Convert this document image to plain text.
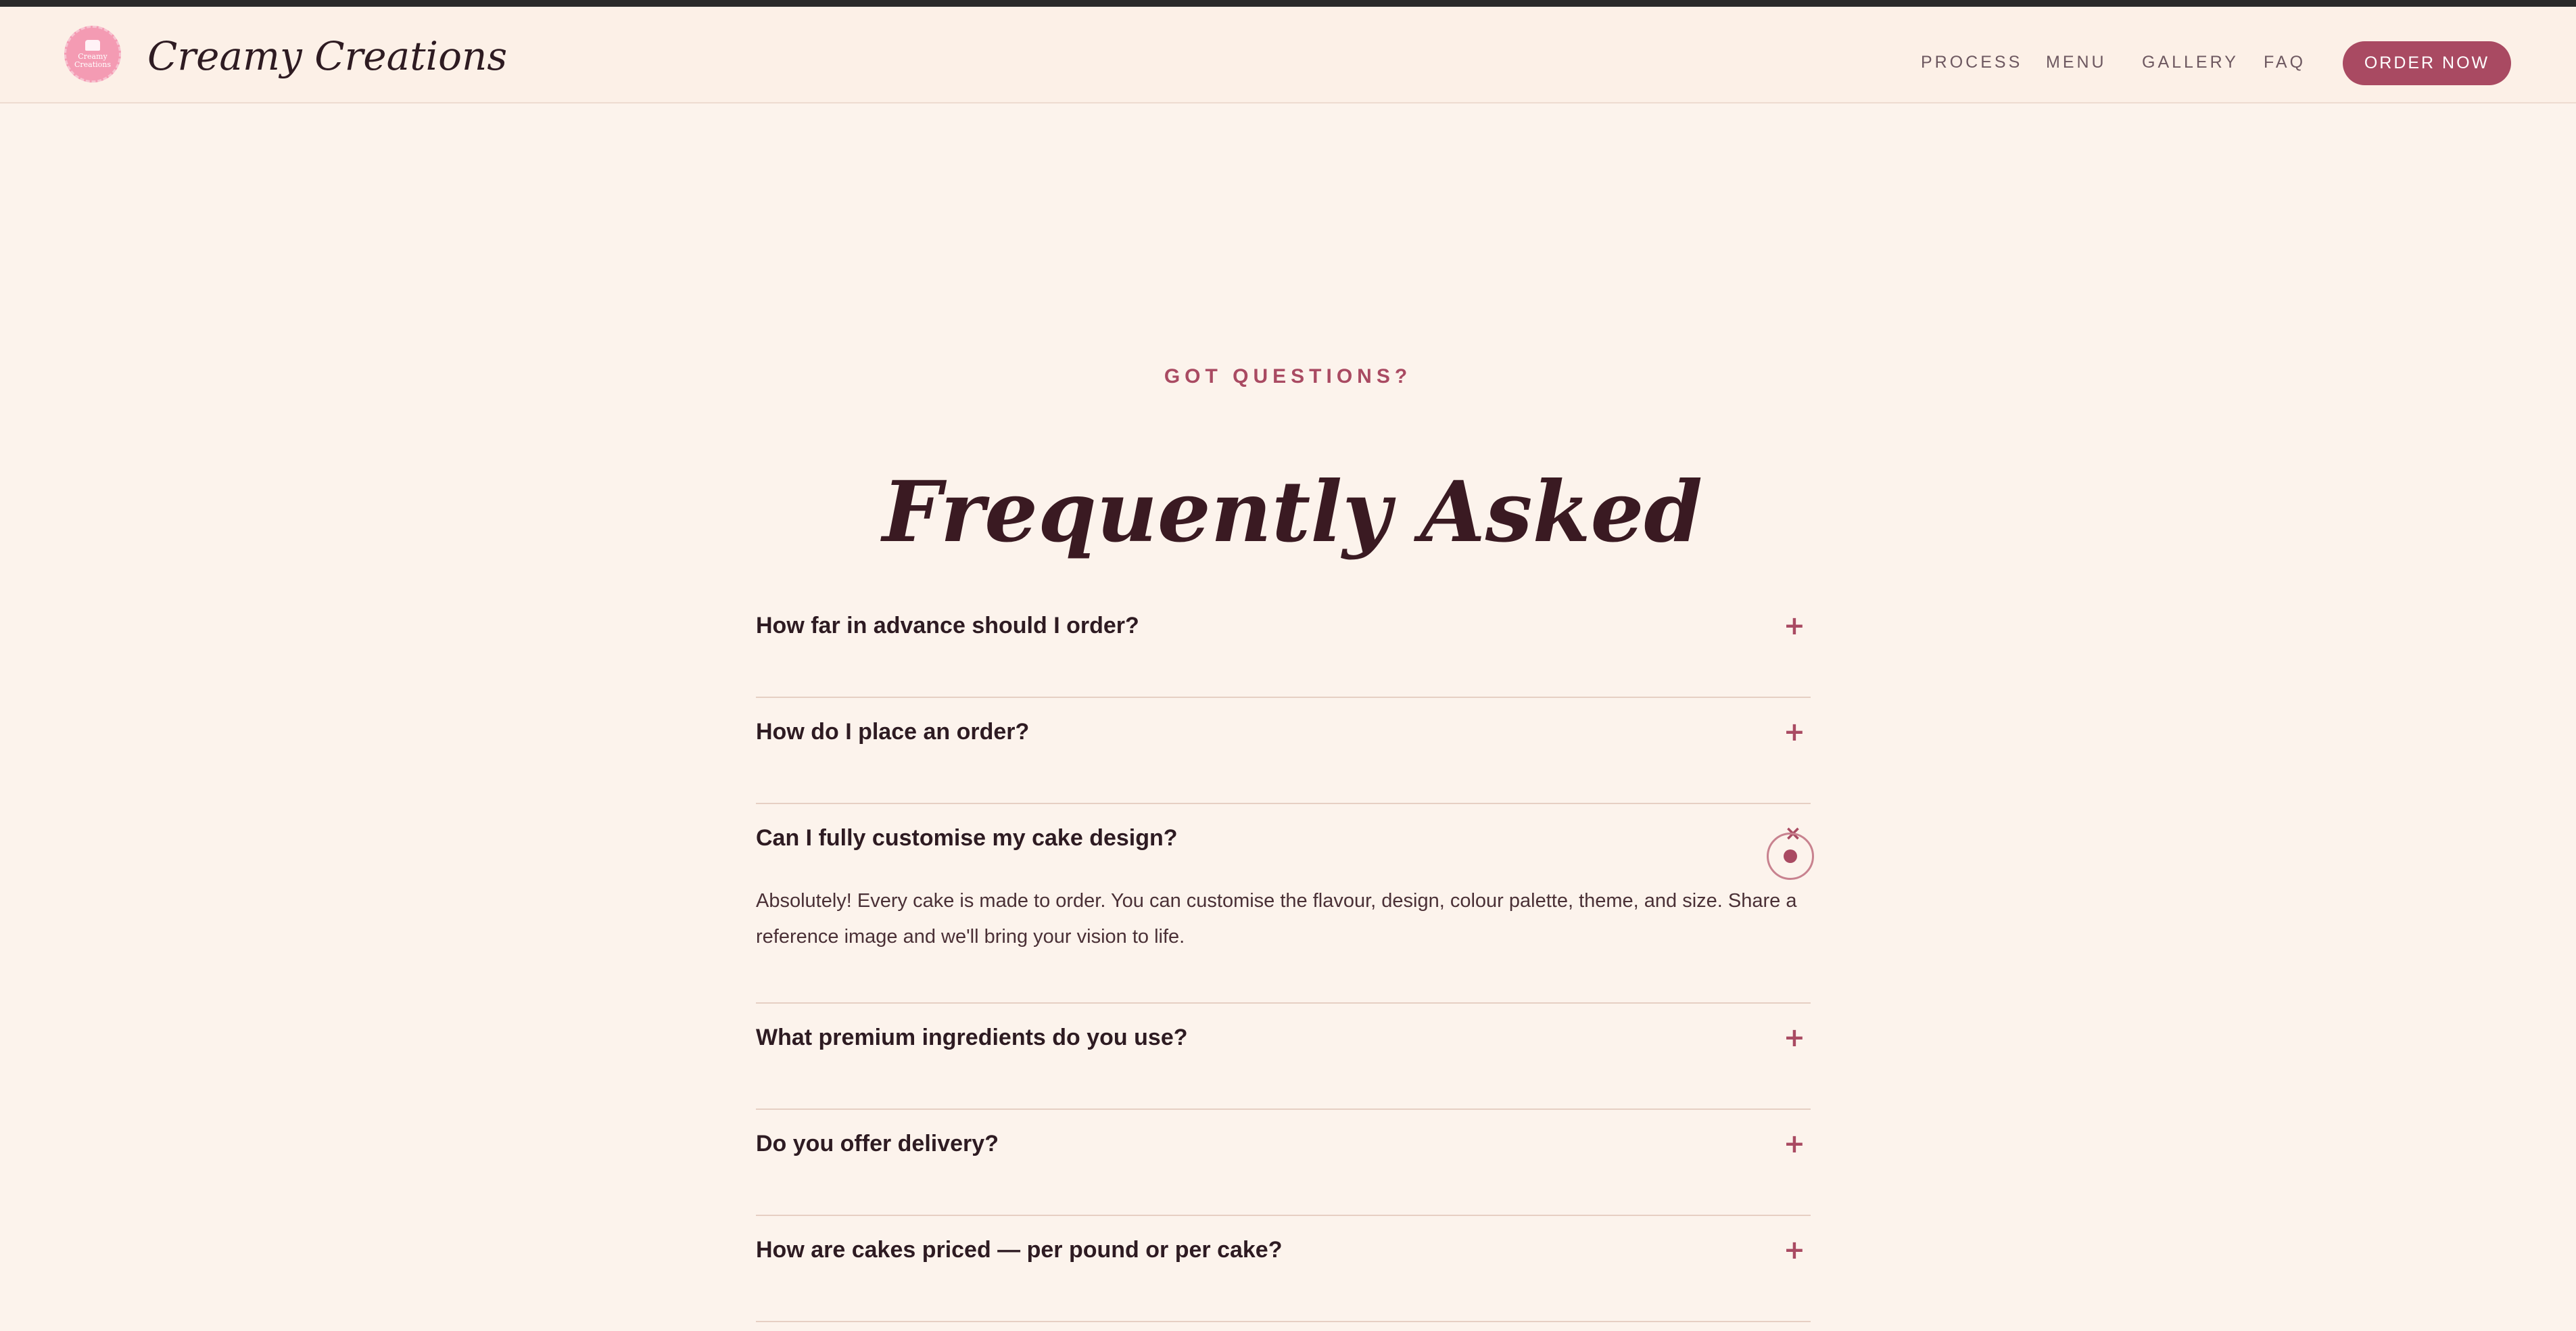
Creamy Creations Creamy Creations	PROCESS MENU GALLERY FAQ	ORDER NOW
GOT QUESTIONS?
Frequently Asked
How far in advance should I order?	+
How do I place an order?	+
Can I fully customise my cake design?	×
Absolutely! Every cake is made to order. You can customise the flavour, design, colour palette, theme, and size. Share a reference image and we'll bring your vision to life.
What premium ingredients do you use?	+
Do you offer delivery?	+
How are cakes priced — per pound or per cake?	+
